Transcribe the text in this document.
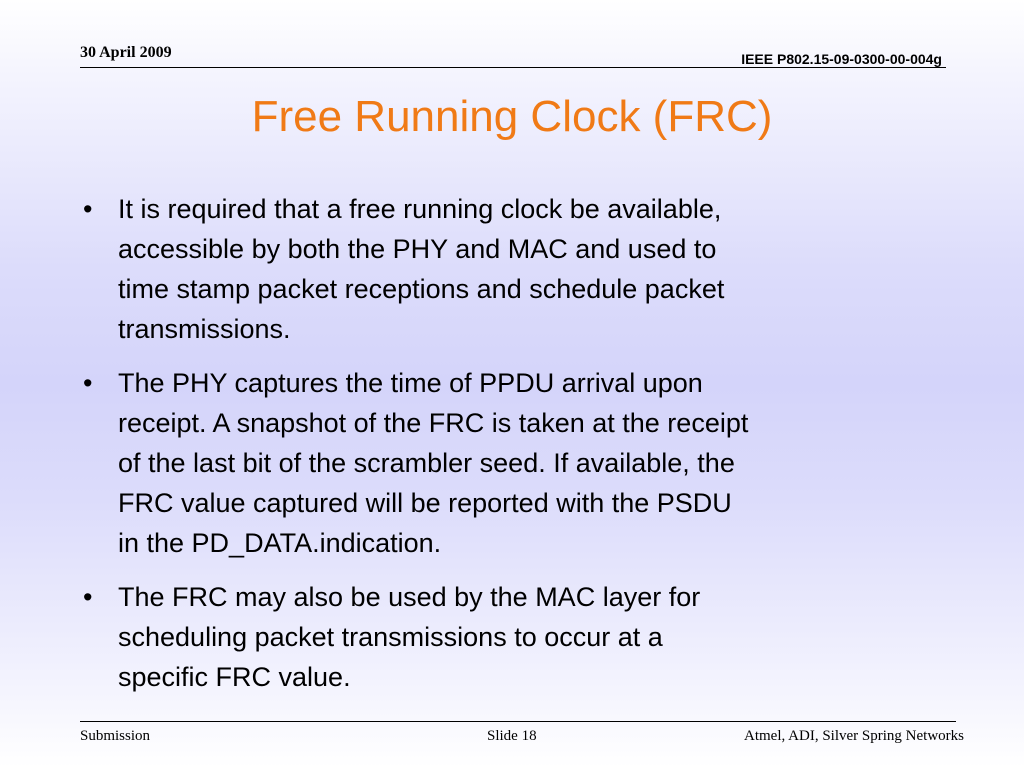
30 April 2009	IEEE P802.15-09-0300-00-004g
Free Running Clock (FRC)
• It is required that a free running clock be available,
accessible by both the PHY and MAC and used to
time stamp packet receptions and schedule packet
transmissions.
• The PHY captures the time of PPDU arrival upon
receipt. A snapshot of the FRC is taken at the receipt
of the last bit of the scrambler seed. If available, the
FRC value captured will be reported with the PSDU
in the PD_DATA.indication.
• The FRC may also be used by the MAC layer for
scheduling packet transmissions to occur at a
specific FRC value.
Submission	Slide 18	Atmel, ADI, Silver Spring Networks
